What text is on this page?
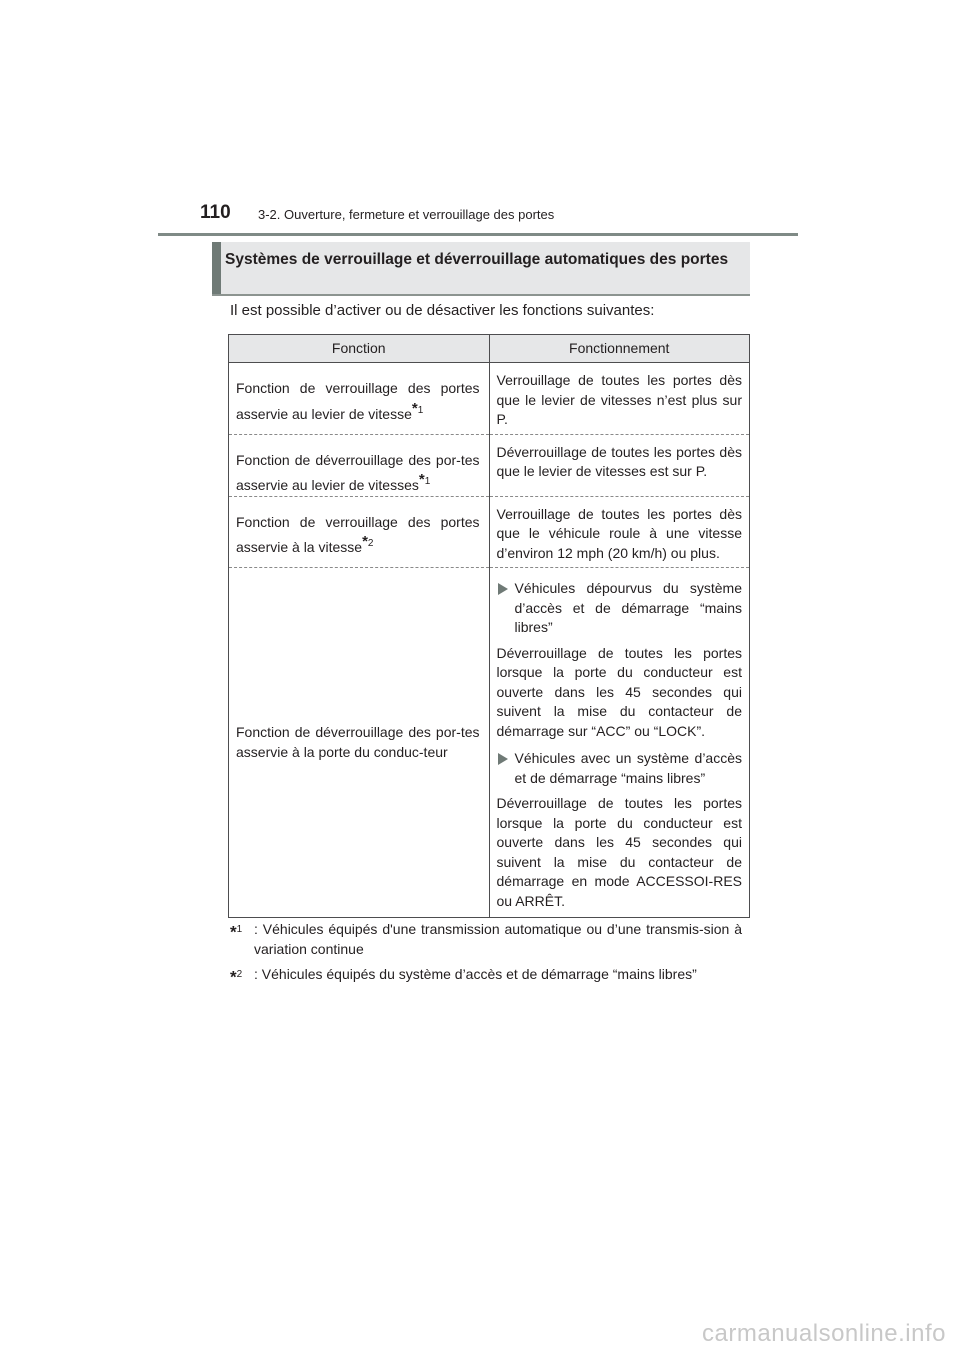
110 3-2. Ouverture, fermeture et verrouillage des portes
Systèmes de verrouillage et déverrouillage automatiques des portes
Il est possible d’activer ou de désactiver les fonctions suivantes:
Fonction	Fonctionnement

Fonction de verrouillage des portes asservie au levier de vitesse$^{*1}$	Verrouillage de toutes les portes dès que le levier de vitesses n’est plus sur P.

Fonction de déverrouillage des por-tes asservie au levier de vitesses$^{*1}$	Déverrouillage de toutes les portes dès que le levier de vitesses est sur P.

Fonction de verrouillage des portes asservie à la vitesse$^{*2}$	Verrouillage de toutes les portes dès que le véhicule roule à une vitesse d’environ 12 mph (20 km/h) ou plus.

Fonction de déverrouillage des por-tes asservie à la porte du conduc-teur	Véhicules dépourvus du système d’accès et de démarrage “mains libres”
Déverrouillage de toutes les portes lorsque la porte du conducteur est ouverte dans les 45 secondes qui suivent la mise du contacteur de démarrage sur “ACC” ou “LOCK”.
Véhicules avec un système d’accès et de démarrage “mains libres”
Déverrouillage de toutes les portes lorsque la porte du conducteur est ouverte dans les 45 secondes qui suivent la mise du contacteur de démarrage en mode ACCESSOI-RES ou ARRÊT.
*$^1$ : Véhicules équipés d'une transmission automatique ou d’une transmis-sion à variation continue
*$^2$ : Véhicules équipés du système d’accès et de démarrage “mains libres”
carmanualsonline.info
